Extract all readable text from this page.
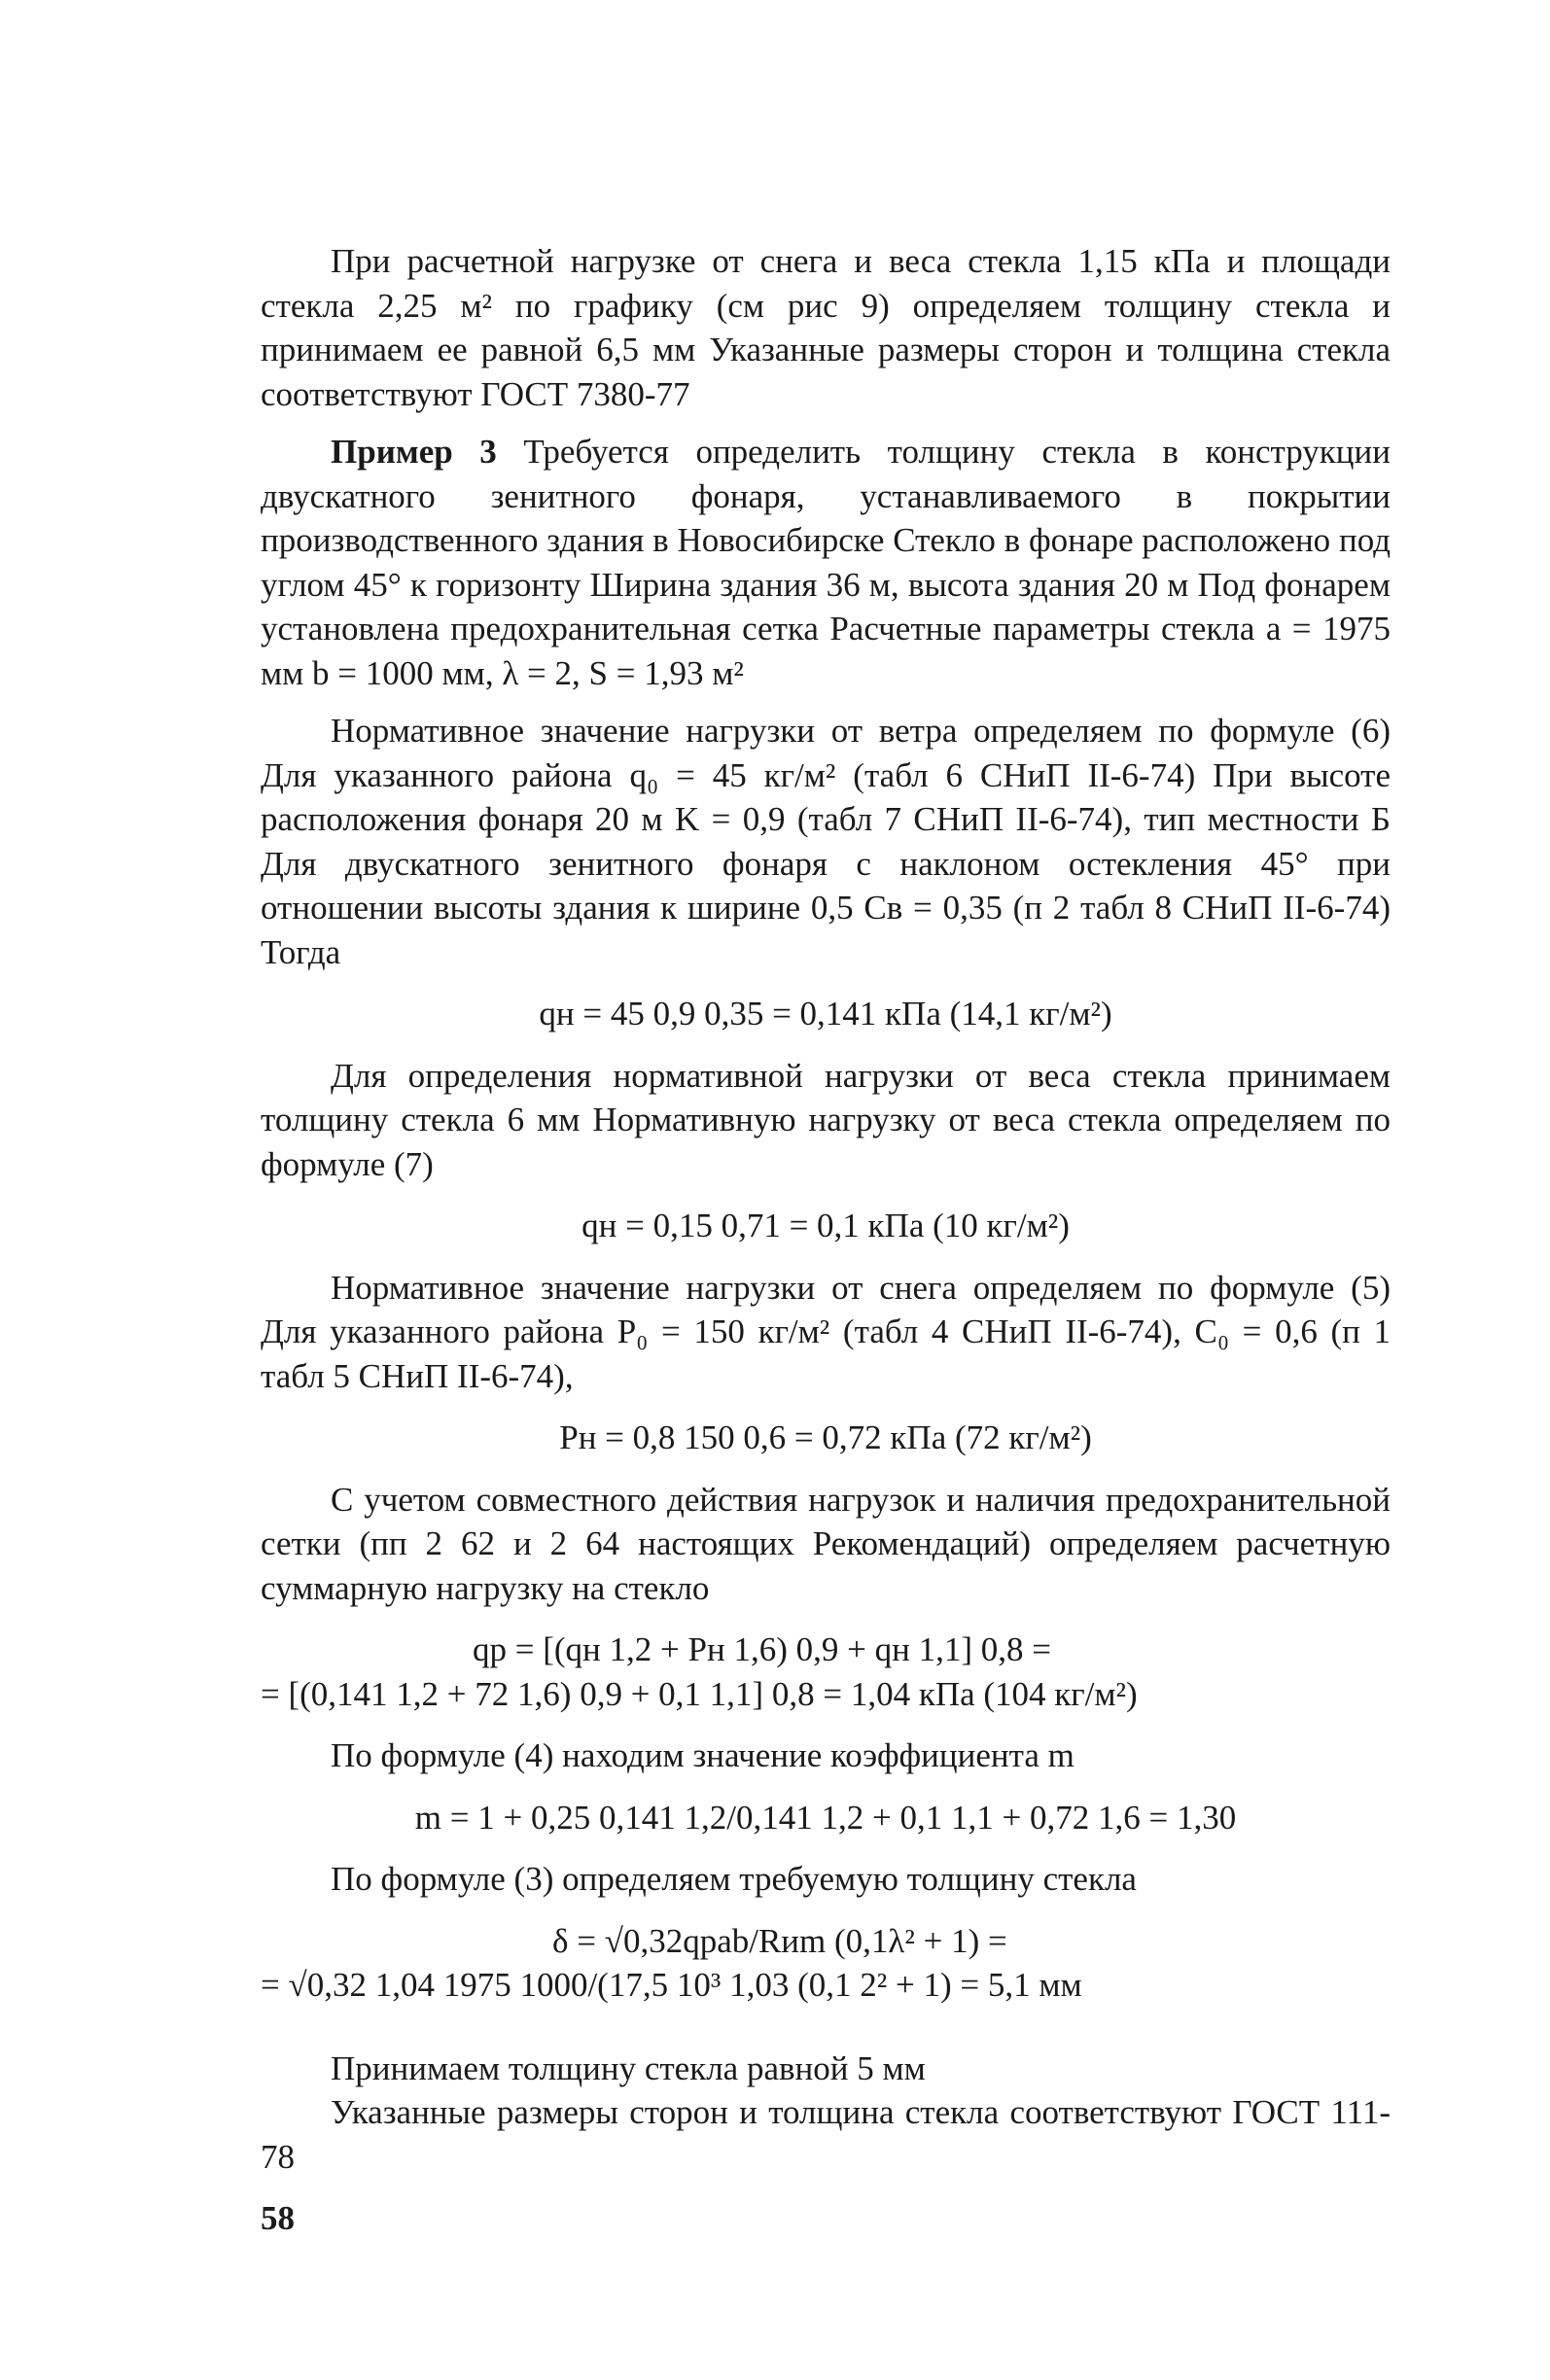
При расчетной нагрузке от снега и веса стекла 1,15 кПа и площади стекла 2,25 м² по графику (см рис 9) определяем толщину стекла и принимаем ее равной 6,5 мм Указанные размеры сторон и толщина стекла соответствуют ГОСТ 7380-77

Пример 3 Требуется определить толщину стекла в конструкции двускатного зенитного фонаря, устанавливаемого в покрытии производственного здания в Новосибирске Стекло в фонаре расположено под углом 45° к горизонту Ширина здания 36 м, высота здания 20 м Под фонарем установлена предохранительная сетка Расчетные параметры стекла a = 1975 мм b = 1000 мм, λ = 2, S = 1,93 м²

Нормативное значение нагрузки от ветра определяем по формуле (6) Для указанного района q₀ = 45 кг/м² (табл 6 СНиП II-6-74) При высоте расположения фонаря 20 м K = 0,9 (табл 7 СНиП II-6-74), тип местности Б Для двускатного зенитного фонаря с наклоном остекления 45° при отношении высоты здания к ширине 0,5 Cв = 0,35 (п 2 табл 8 СНиП II-6-74) Тогда

qн = 45 0,9 0,35 = 0,141 кПа (14,1 кг/м²)

Для определения нормативной нагрузки от веса стекла принимаем толщину стекла 6 мм Нормативную нагрузку от веса стекла определяем по формуле (7)

qн = 0,15 0,71 = 0,1 кПа (10 кг/м²)

Нормативное значение нагрузки от снега определяем по формуле (5) Для указанного района P₀ = 150 кг/м² (табл 4 СНиП II-6-74), C₀ = 0,6 (п 1 табл 5 СНиП II-6-74),

Pн = 0,8 150 0,6 = 0,72 кПа (72 кг/м²)

С учетом совместного действия нагрузок и наличия предохранительной сетки (пп 2 62 и 2 64 настоящих Рекомендаций) определяем расчетную суммарную нагрузку на стекло

qр = [(qн 1,2 + Pн 1,6) 0,9 + qн 1,1] 0,8 =
= [(0,141 1,2 + 72 1,6) 0,9 + 0,1 1,1] 0,8 = 1,04 кПа (104 кг/м²)

По формуле (4) находим значение коэффициента m

m = 1 + 0,25 0,141 1,2/0,141 1,2 + 0,1 1,1 + 0,72 1,6 = 1,30

По формуле (3) определяем требуемую толщину стекла

δ = √0,32qрab/Rиm (0,1λ² + 1) =
= √0,32 1,04 1975 1000/(17,5 10³ 1,03 (0,1 2² + 1) = 5,1 мм

Принимаем толщину стекла равной 5 мм

Указанные размеры сторон и толщина стекла соответствуют ГОСТ 111-78

58
